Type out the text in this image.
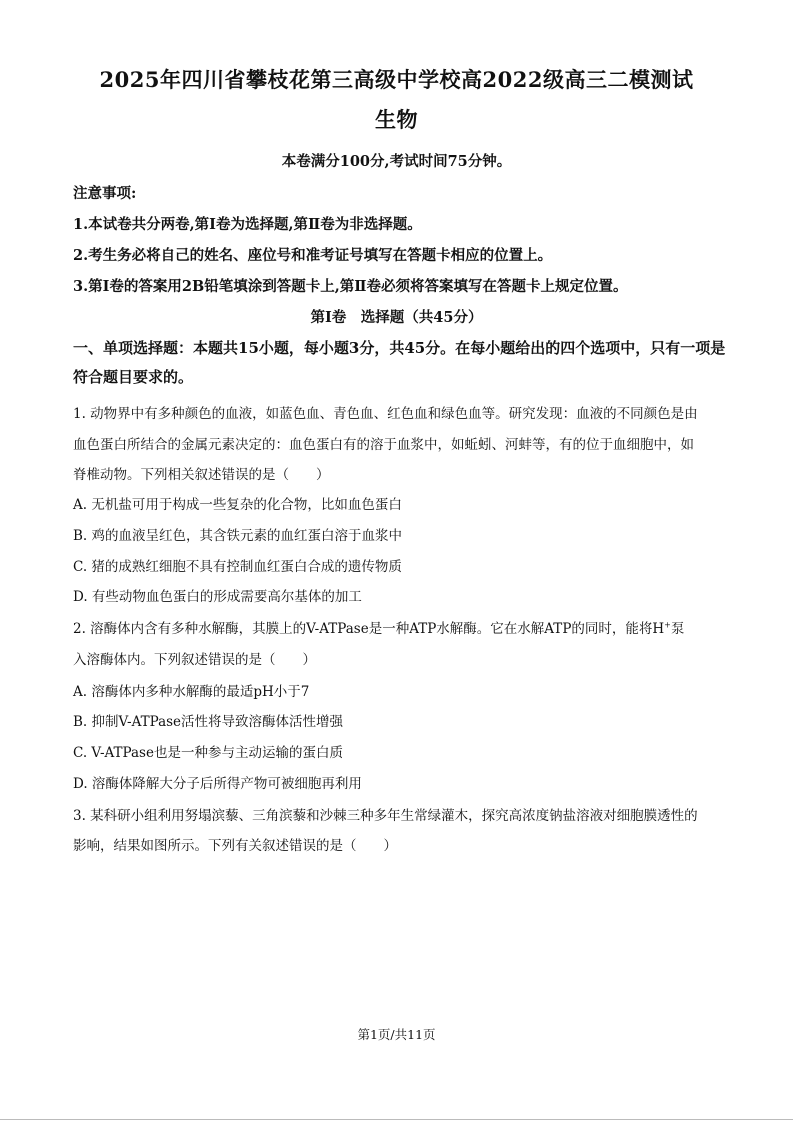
2025年四川省攀枝花第三高级中学校高2022级高三二模测试
生物
本卷满分100分,考试时间75分钟。
注意事项:
1.本试卷共分两卷,第Ⅰ卷为选择题,第Ⅱ卷为非选择题。
2.考生务必将自己的姓名、座位号和准考证号填写在答题卡相应的位置上。
3.第Ⅰ卷的答案用2B铅笔填涂到答题卡上,第Ⅱ卷必须将答案填写在答题卡上规定位置。
第Ⅰ卷　选择题（共45分）
一、单项选择题：本题共15小题，每小题3分，共45分。在每小题给出的四个选项中，只有一项是符合题目要求的。
1. 动物界中有多种颜色的血液，如蓝色血、青色血、红色血和绿色血等。研究发现：血液的不同颜色是由
血色蛋白所结合的金属元素决定的：血色蛋白有的溶于血浆中，如蚯蚓、河蚌等，有的位于血细胞中，如
脊椎动物。下列相关叙述错误的是（　　）
A. 无机盐可用于构成一些复杂的化合物，比如血色蛋白
B. 鸡的血液呈红色，其含铁元素的血红蛋白溶于血浆中
C. 猪的成熟红细胞不具有控制血红蛋白合成的遗传物质
D. 有些动物血色蛋白的形成需要高尔基体的加工
2. 溶酶体内含有多种水解酶，其膜上的V-ATPase是一种ATP水解酶。它在水解ATP的同时，能将H+泵
入溶酶体内。下列叙述错误的是（　　）
A. 溶酶体内多种水解酶的最适pH小于7
B. 抑制V-ATPase活性将导致溶酶体活性增强
C. V-ATPase也是一种参与主动运输的蛋白质
D. 溶酶体降解大分子后所得产物可被细胞再利用
3. 某科研小组利用努塌滨藜、三角滨藜和沙棘三种多年生常绿灌木，探究高浓度钠盐溶液对细胞膜透性的
影响，结果如图所示。下列有关叙述错误的是（　　）
第1页/共11页
